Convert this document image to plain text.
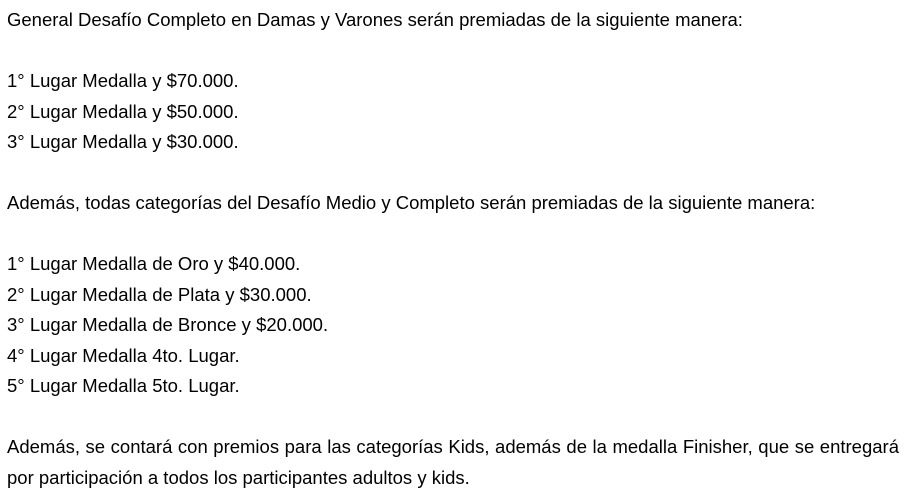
General Desafío Completo en Damas y Varones serán premiadas de la siguiente manera:
1° Lugar Medalla y $70.000.
2° Lugar Medalla y $50.000.
3° Lugar Medalla y $30.000.
Además, todas categorías del Desafío Medio y Completo serán premiadas de la siguiente manera:
1° Lugar Medalla de Oro y $40.000.
2° Lugar Medalla de Plata y $30.000.
3° Lugar Medalla de Bronce y $20.000.
4° Lugar Medalla 4to. Lugar.
5° Lugar Medalla 5to. Lugar.
Además, se contará con premios para las categorías Kids, además de la medalla Finisher, que se entregará por participación a todos los participantes adultos y kids.
